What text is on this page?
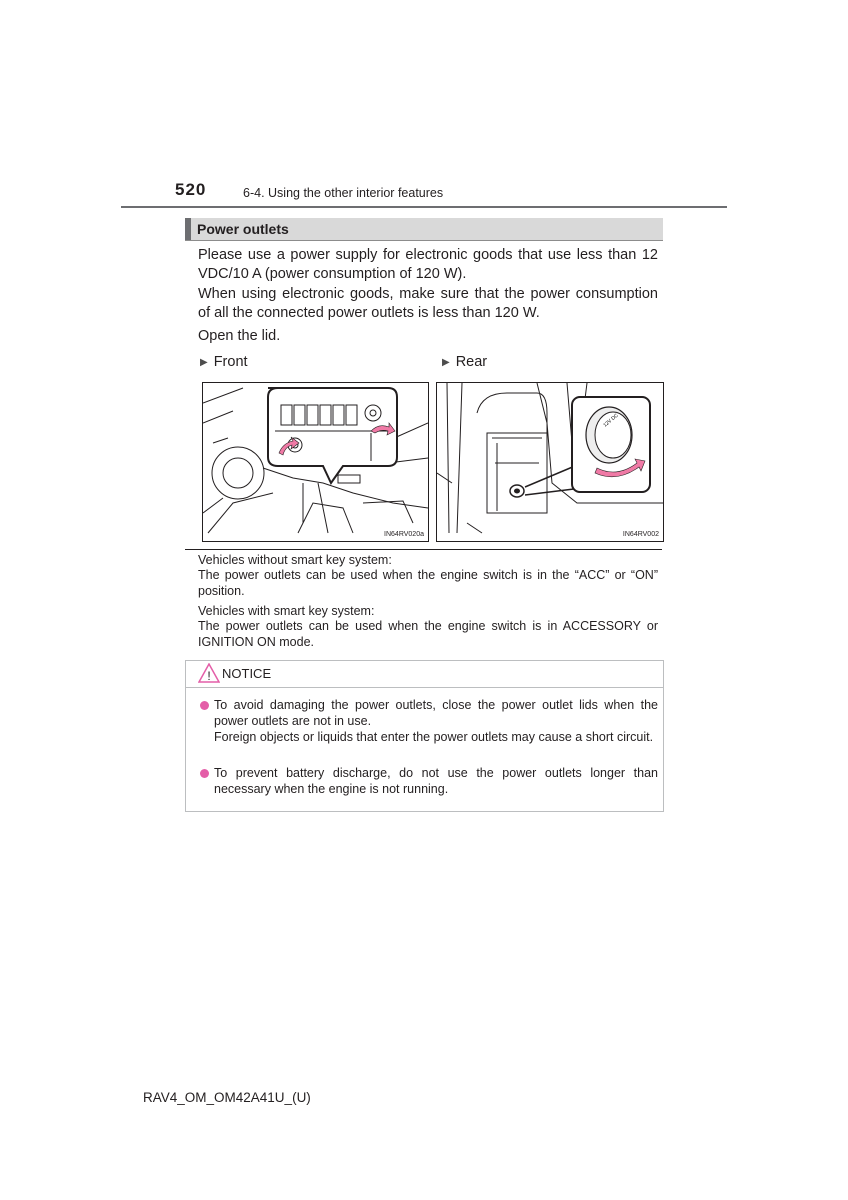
520	6-4. Using the other interior features
Power outlets
Please use a power supply for electronic goods that use less than 12 VDC/10 A (power consumption of 120 W).
When using electronic goods, make sure that the power consumption of all the connected power outlets is less than 120 W.
Open the lid.
▶ Front	▶ Rear
IN64RV020a
12V DC
IN64RV002
Vehicles without smart key system:
The power outlets can be used when the engine switch is in the “ACC” or “ON” position.
Vehicles with smart key system:
The power outlets can be used when the engine switch is in ACCESSORY or IGNITION ON mode.
! NOTICE
To avoid damaging the power outlets, close the power outlet lids when the power outlets are not in use.
Foreign objects or liquids that enter the power outlets may cause a short circuit.
To prevent battery discharge, do not use the power outlets longer than necessary when the engine is not running.
RAV4_OM_OM42A41U_(U)
